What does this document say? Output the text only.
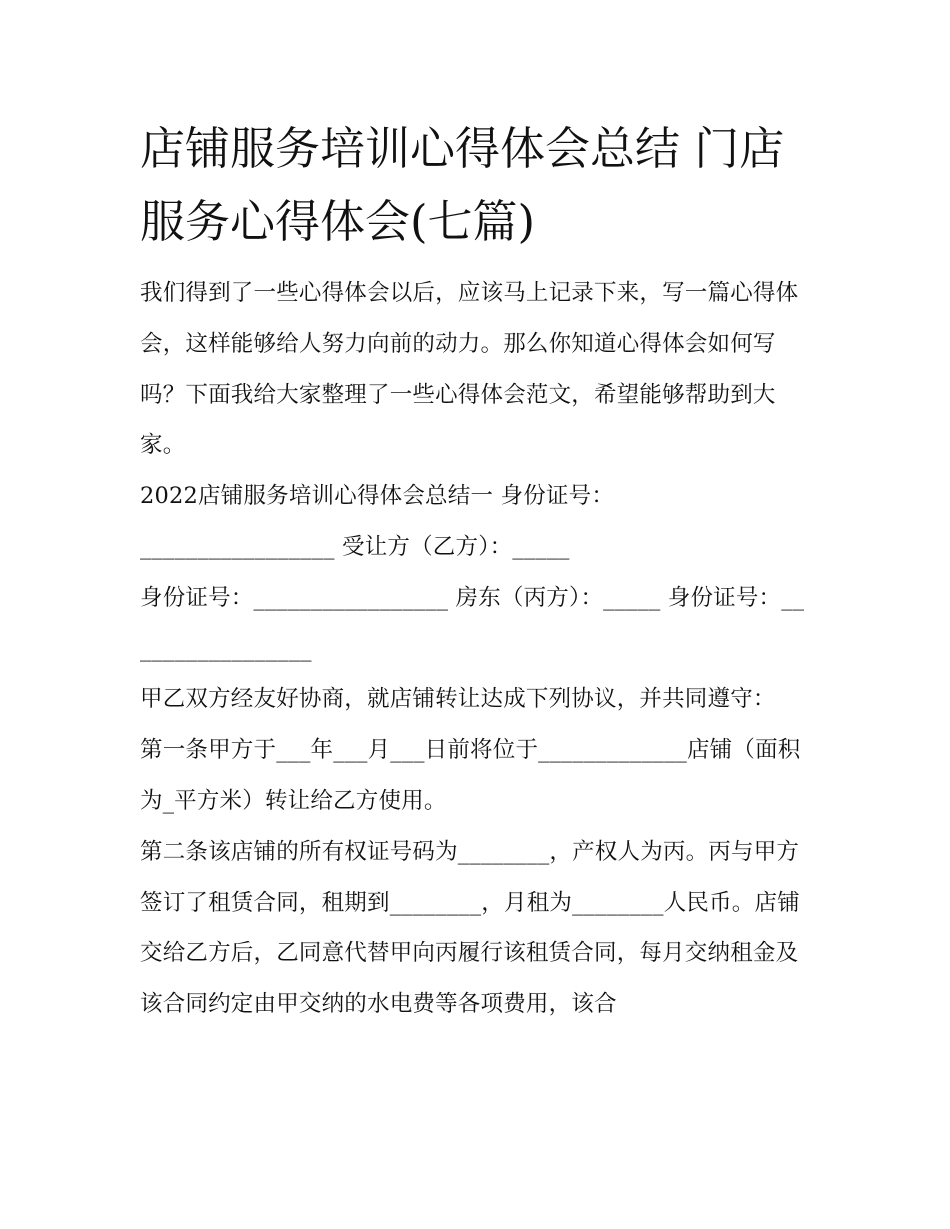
店铺服务培训心得体会总结 门店服务心得体会(七篇)

我们得到了一些心得体会以后，应该马上记录下来，写一篇心得体会，这样能够给人努力向前的动力。那么你知道心得体会如何写吗？下面我给大家整理了一些心得体会范文，希望能够帮助到大家。

2022店铺服务培训心得体会总结一 身份证号：

_________________ 受让方（乙方）：_____

身份证号：_________________ 房东（丙方）：_____ 身份证号：_________________

甲乙双方经友好协商，就店铺转让达成下列协议，并共同遵守：

第一条甲方于___年___月___日前将位于_____________店铺（面积为_平方米）转让给乙方使用。

第二条该店铺的所有权证号码为________，产权人为丙。丙与甲方签订了租赁合同，租期到________，月租为________人民币。店铺交给乙方后，乙同意代替甲向丙履行该租赁合同，每月交纳租金及该合同约定由甲交纳的水电费等各项费用，该合
